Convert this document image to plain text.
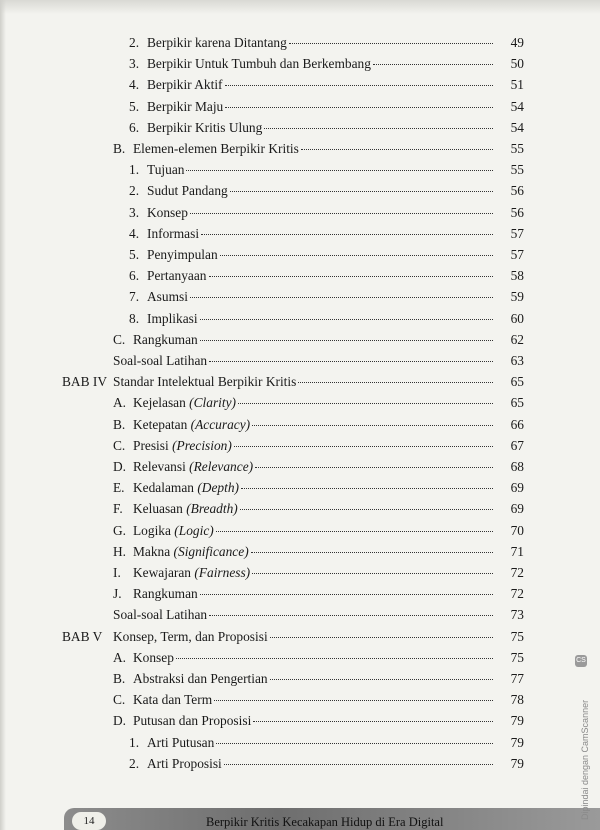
2. Berpikir karena Ditantang	49
3. Berpikir Untuk Tumbuh dan Berkembang	50
4. Berpikir Aktif	51
5. Berpikir Maju	54
6. Berpikir Kritis Ulung	54
B. Elemen-elemen Berpikir Kritis	55
1. Tujuan	55
2. Sudut Pandang	56
3. Konsep	56
4. Informasi	57
5. Penyimpulan	57
6. Pertanyaan	58
7. Asumsi	59
8. Implikasi	60
C. Rangkuman	62
Soal-soal Latihan	63
BAB IV Standar Intelektual Berpikir Kritis	65
A. Kejelasan (Clarity)	65
B. Ketepatan (Accuracy)	66
C. Presisi (Precision)	67
D. Relevansi (Relevance)	68
E. Kedalaman (Depth)	69
F. Keluasan (Breadth)	69
G. Logika (Logic)	70
H. Makna (Significance)	71
I. Kewajaran (Fairness)	72
J. Rangkuman	72
Soal-soal Latihan	73
BAB V Konsep, Term, dan Proposisi	75
A. Konsep	75
B. Abstraksi dan Pengertian	77
C. Kata dan Term	78
D. Putusan dan Proposisi	79
1. Arti Putusan	79
2. Arti Proposisi	79
14	Berpikir Kritis Kecakapan Hidup di Era Digital
CS
Dipindai dengan CamScanner
